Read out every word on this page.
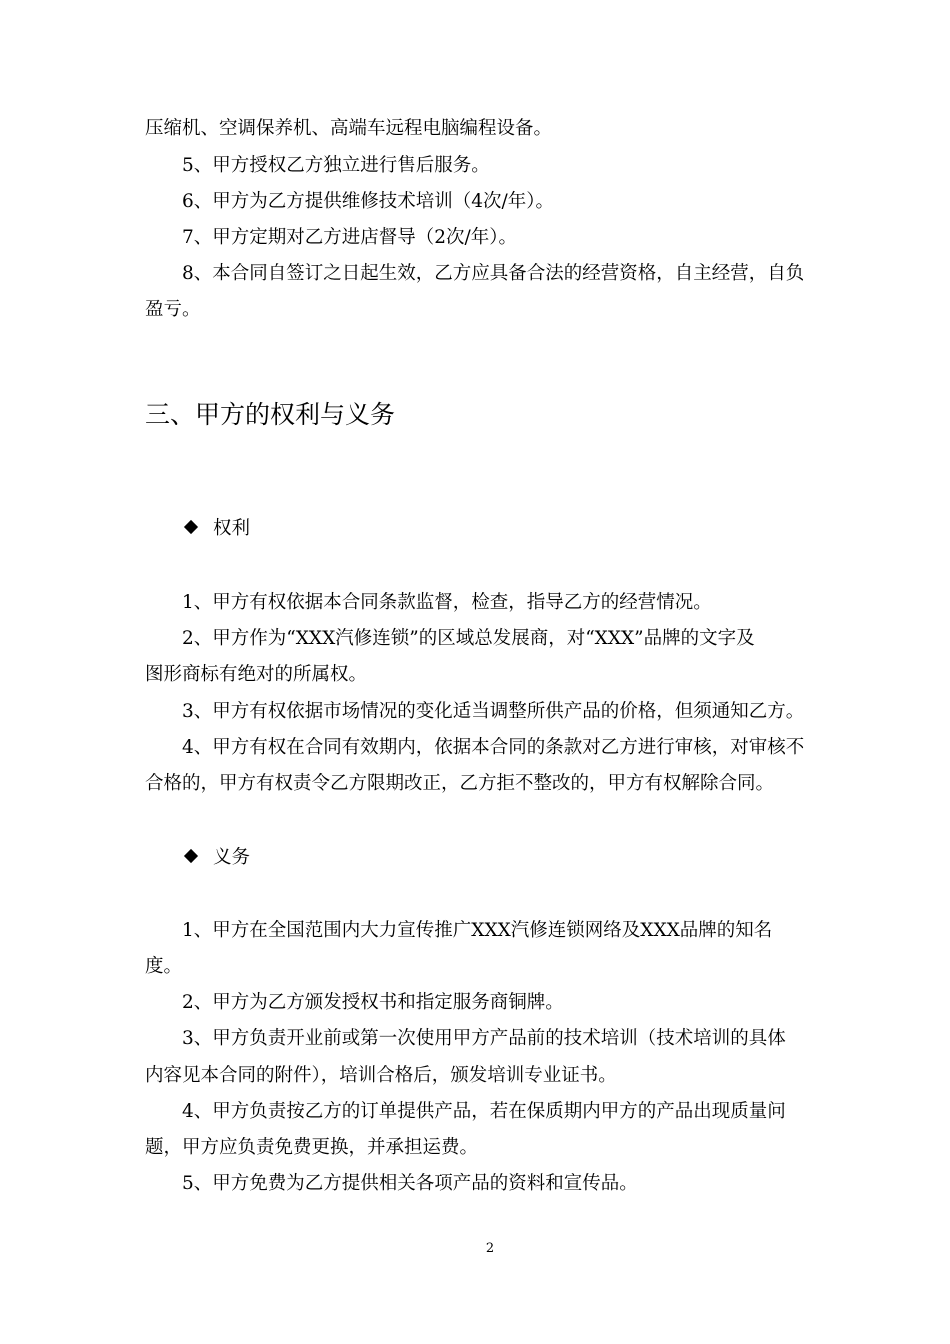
压缩机、空调保养机、高端车远程电脑编程设备。
5、甲方授权乙方独立进行售后服务。
6、甲方为乙方提供维修技术培训（4次/年）。
7、甲方定期对乙方进店督导（2次/年）。
8、本合同自签订之日起生效，乙方应具备合法的经营资格，自主经营，自负
盈亏。
三、甲方的权利与义务
权利
1、甲方有权依据本合同条款监督，检查，指导乙方的经营情况。
2、甲方作为“XXX汽修连锁”的区域总发展商，对“XXX”品牌的文字及
图形商标有绝对的所属权。
3、甲方有权依据市场情况的变化适当调整所供产品的价格，但须通知乙方。
4、甲方有权在合同有效期内，依据本合同的条款对乙方进行审核，对审核不
合格的，甲方有权责令乙方限期改正，乙方拒不整改的，甲方有权解除合同。
义务
1、甲方在全国范围内大力宣传推广XXX汽修连锁网络及XXX品牌的知名
度。
2、甲方为乙方颁发授权书和指定服务商铜牌。
3、甲方负责开业前或第一次使用甲方产品前的技术培训（技术培训的具体
内容见本合同的附件），培训合格后，颁发培训专业证书。
4、甲方负责按乙方的订单提供产品，若在保质期内甲方的产品出现质量问
题，甲方应负责免费更换，并承担运费。
5、甲方免费为乙方提供相关各项产品的资料和宣传品。
2
